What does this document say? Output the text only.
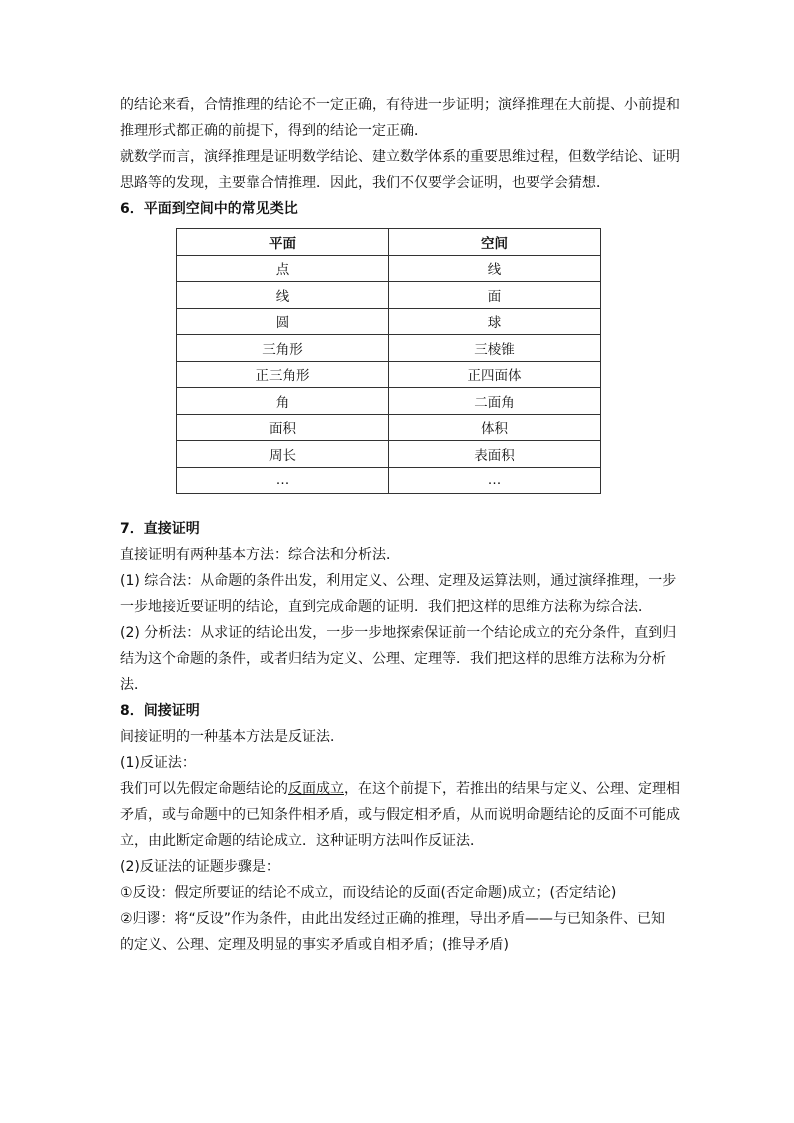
的结论来看，合情推理的结论不一定正确，有待进一步证明；演绎推理在大前提、小前提和

推理形式都正确的前提下，得到的结论一定正确．

就数学而言，演绎推理是证明数学结论、建立数学体系的重要思维过程，但数学结论、证明

思路等的发现，主要靠合情推理．因此，我们不仅要学会证明，也要学会猜想．

6．平面到空间中的常见类比

平面	空间
点	线
线	面
圆	球
三角形	三棱锥
正三角形	正四面体
角	二面角
面积	体积
周长	表面积
…	…

7．直接证明

直接证明有两种基本方法：综合法和分析法．

(1) 综合法：从命题的条件出发，利用定义、公理、定理及运算法则，通过演绎推理，一步

一步地接近要证明的结论，直到完成命题的证明．我们把这样的思维方法称为综合法．

(2) 分析法：从求证的结论出发，一步一步地探索保证前一个结论成立的充分条件，直到归

结为这个命题的条件，或者归结为定义、公理、定理等．我们把这样的思维方法称为分析

法．

8．间接证明

间接证明的一种基本方法是反证法．

(1)反证法：

我们可以先假定命题结论的反面成立，在这个前提下，若推出的结果与定义、公理、定理相

矛盾，或与命题中的已知条件相矛盾，或与假定相矛盾，从而说明命题结论的反面不可能成

立，由此断定命题的结论成立．这种证明方法叫作反证法．

(2)反证法的证题步骤是：

①反设：假定所要证的结论不成立，而设结论的反面(否定命题)成立；(否定结论)

②归谬：将“反设”作为条件，由此出发经过正确的推理，导出矛盾——与已知条件、已知

的定义、公理、定理及明显的事实矛盾或自相矛盾；(推导矛盾)
